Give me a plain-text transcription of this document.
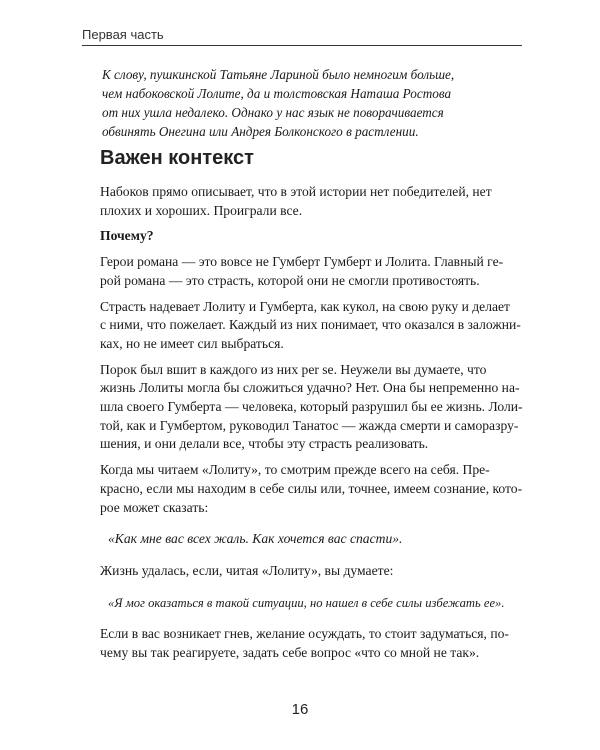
Первая часть
К слову, пушкинской Татьяне Лариной было немногим больше,
чем набоковской Лолите, да и толстовская Наташа Ростова
от них ушла недалеко. Однако у нас язык не поворачивается
обвинять Онегина или Андрея Болконского в растлении.
Важен контекст
Набоков прямо описывает, что в этой истории нет победителей, нет
плохих и хороших. Проиграли все.
Почему?
Герои романа — это вовсе не Гумберт Гумберт и Лолита. Главный ге-
рой романа — это страсть, которой они не смогли противостоять.
Страсть надевает Лолиту и Гумберта, как кукол, на свою руку и делает
с ними, что пожелает. Каждый из них понимает, что оказался в заложни-
ках, но не имеет сил выбраться.
Порок был вшит в каждого из них per se. Неужели вы думаете, что
жизнь Лолиты могла бы сложиться удачно? Нет. Она бы непременно на-
шла своего Гумберта — человека, который разрушил бы ее жизнь. Лоли-
той, как и Гумбертом, руководил Танатос — жажда смерти и саморазру-
шения, и они делали все, чтобы эту страсть реализовать.
Когда мы читаем «Лолиту», то смотрим прежде всего на себя. Пре-
красно, если мы находим в себе силы или, точнее, имеем сознание, кото-
рое может сказать:
«Как мне вас всех жаль. Как хочется вас спасти».
Жизнь удалась, если, читая «Лолиту», вы думаете:
«Я мог оказаться в такой ситуации, но нашел в себе силы избежать ее».
Если в вас возникает гнев, желание осуждать, то стоит задуматься, по-
чему вы так реагируете, задать себе вопрос «что со мной не так».
16
